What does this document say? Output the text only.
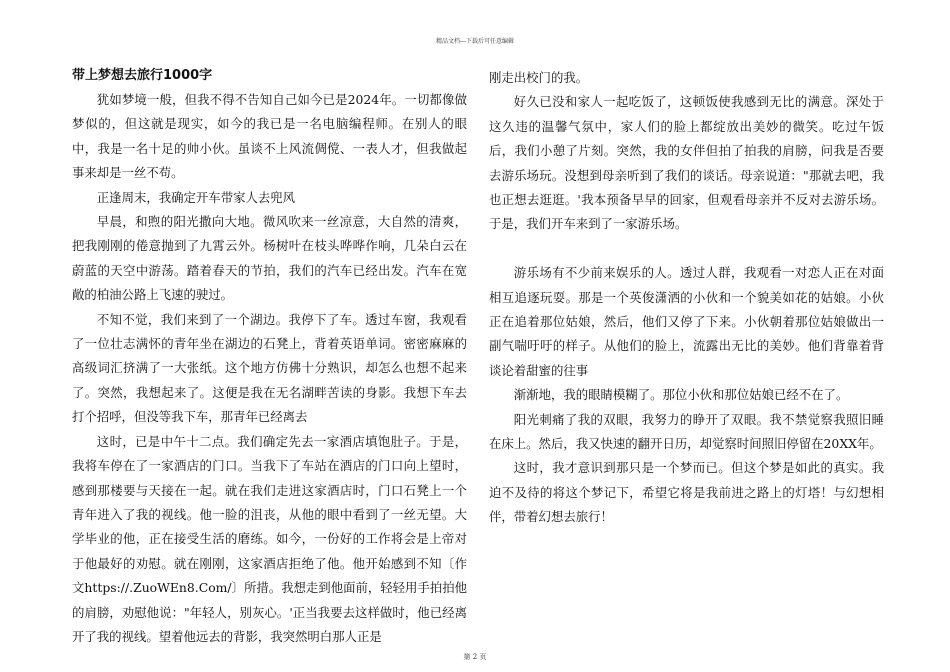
精品文档---下载后可任意编辑
带上梦想去旅行1000字

犹如梦境一般，但我不得不告知自己如今已是2024年。一切都像做梦似的，但这就是现实，如今的我已是一名电脑编程师。在别人的眼中，我是一名十足的帅小伙。虽谈不上风流倜傥、一表人才，但我做起事来却是一丝不苟。

正逢周末，我确定开车带家人去兜风

早晨，和煦的阳光撒向大地。微风吹来一丝凉意，大自然的清爽，把我刚刚的倦意抛到了九霄云外。杨树叶在枝头哗哗作响，几朵白云在蔚蓝的天空中游荡。踏着春天的节拍，我们的汽车已经出发。汽车在宽敞的柏油公路上飞速的驶过。

不知不觉，我们来到了一个湖边。我停下了车。透过车窗，我观看了一位壮志满怀的青年坐在湖边的石凳上，背着英语单词。密密麻麻的高级词汇挤满了一大张纸。这个地方仿佛十分熟识，却怎么也想不起来了。突然，我想起来了。这便是我在无名湖畔苦读的身影。我想下车去打个招呼，但没等我下车，那青年已经离去

这时，已是中午十二点。我们确定先去一家酒店填饱肚子。于是，我将车停在了一家酒店的门口。当我下了车站在酒店的门口向上望时，感到那楼要与天接在一起。就在我们走进这家酒店时，门口石凳上一个青年进入了我的视线。他一脸的沮丧，从他的眼中看到了一丝无望。大学毕业的他，正在接受生活的磨练。如今，一份好的工作将会是上帝对于他最好的劝慰。就在刚刚，这家酒店拒绝了他。他开始感到不知〔作文https://.ZuoWEn8.Com/〕所措。我想走到他面前，轻轻用手拍拍他的肩膀，劝慰他说："年轻人，别灰心。'正当我要去这样做时，他已经离开了我的视线。望着他远去的背影，我突然明白那人正是

刚走出校门的我。

好久已没和家人一起吃饭了，这顿饭使我感到无比的满意。深处于这久违的温馨气氛中，家人们的脸上都绽放出美妙的微笑。吃过午饭后，我们小憩了片刻。突然，我的女伴但拍了拍我的肩膀，问我是否要去游乐场玩。没想到母亲听到了我们的谈话。母亲说道："那就去吧，我也正想去逛逛。'我本预备早早的回家，但观看母亲并不反对去游乐场。于是，我们开车来到了一家游乐场。

游乐场有不少前来娱乐的人。透过人群，我观看一对恋人正在对面相互追逐玩耍。那是一个英俊潇洒的小伙和一个貌美如花的姑娘。小伙正在追着那位姑娘，然后，他们又停了下来。小伙朝着那位姑娘做出一副气喘吁吁的样子。从他们的脸上，流露出无比的美妙。他们背靠着背谈论着甜蜜的往事

渐渐地，我的眼睛模糊了。那位小伙和那位姑娘已经不在了。

阳光刺痛了我的双眼，我努力的睁开了双眼。我不禁觉察我照旧睡在床上。然后，我又快速的翻开日历，却觉察时间照旧停留在20XX年。

这时，我才意识到那只是一个梦而已。但这个梦是如此的真实。我迫不及待的将这个梦记下，希望它将是我前进之路上的灯塔！与幻想相伴，带着幻想去旅行！

第 2 页
